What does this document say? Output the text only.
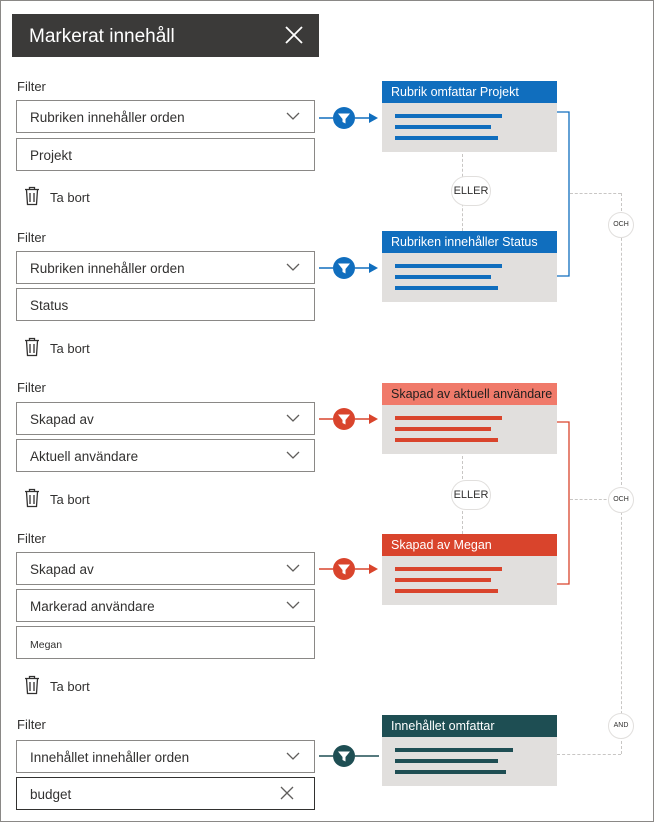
Markerat innehåll
Filter
Rubriken innehåller orden
Projekt
Ta bort
Filter
Rubriken innehåller orden
Status
Ta bort
Filter
Skapad av
Aktuell användare
Ta bort
Filter
Skapad av
Markerad användare
Megan
Ta bort
Filter
Innehållet innehåller orden
budget
Rubrik omfattar Projekt
Rubriken innehåller Status
Skapad av aktuell användare
Skapad av Megan
Innehållet omfattar
ELLER
ELLER
OCH
OCH
AND
